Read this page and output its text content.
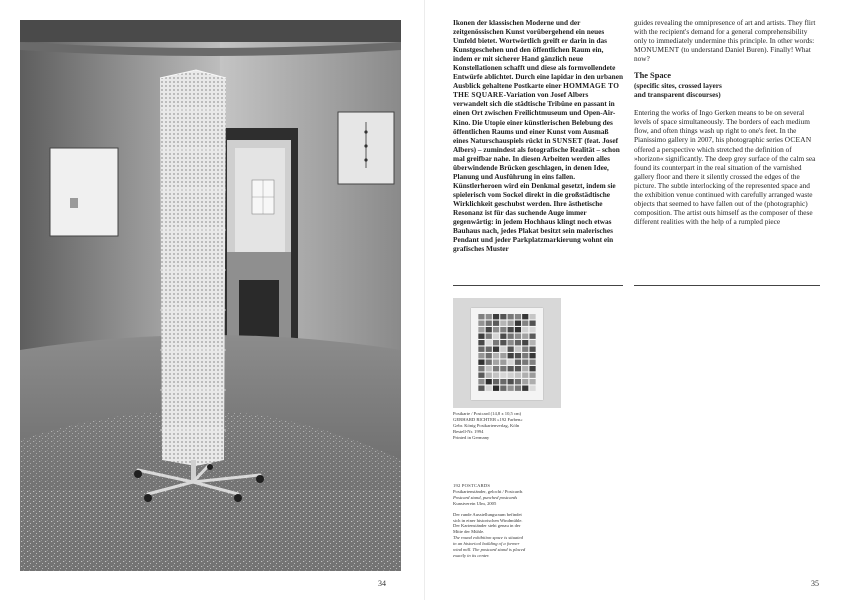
34

Ikonen der klassischen Moderne und der zeitgenössischen Kunst vorübergehend ein neues Umfeld bietet. Wortwörtlich greift er darin in das Kunstgeschehen und den öffentlichen Raum ein, indem er mit sicherer Hand gänzlich neue Konstellationen schafft und diese als formvollendete Entwürfe ablichtet. Durch eine lapidar in den urbanen Ausblick gehaltene Postkarte einer HOMMAGE TO THE SQUARE-Variation von Josef Albers verwandelt sich die städtische Tribüne en passant in einen Ort zwischen Freilichtmuseum und Open-Air-Kino. Die Utopie einer künstlerischen Belebung des öffentlichen Raums und einer Kunst vom Ausmaß eines Naturschauspiels rückt in SUNSET (feat. Josef Albers) – zumindest als fotografische Realität – schon mal greifbar nahe. In diesen Arbeiten werden alles überwindende Brücken geschlagen, in denen Idee, Planung und Ausführung in eins fallen. Künstlerheroen wird ein Denkmal gesetzt, indem sie spielerisch vom Sockel direkt in die großstädtische Wirklichkeit geschubst werden. Ihre ästhetische Resonanz ist für das suchende Auge immer gegenwärtig: in jedem Hochhaus klingt noch etwas Bauhaus nach, jedes Plakat besitzt sein malerisches Pendant und jeder Parkplatzmarkierung wohnt ein grafisches Muster

guides revealing the omnipresence of art and artists. They flirt with the recipient's demand for a general comprehensibility only to immediately undermine this principle. In other words: MONUMENT (to understand Daniel Buren). Finally! What now?

The Space

(specific sites, crossed layers
and transparent discourses)

Entering the works of Ingo Gerken means to be on several levels of space simultaneously. The borders of each medium flow, and often things wash up right to one's feet. In the Pianissimo gallery in 2007, his photographic series OCEAN offered a perspective which stretched the definition of »horizon« significantly. The deep grey surface of the calm sea found its counterpart in the real situation of the varnished gallery floor and there it silently crossed the edges of the picture. The subtle interlocking of the represented space and the exhibition venue continued with carefully arranged waste objects that seemed to have fallen out of the (photographic) composition. The artist outs himself as the composer of these different realities with the help of a rumpled piece

Postkarte / Postcard (14,8 x 10,5 cm)

GERHARD RICHTER »192 Farben«

Gebr. König Postkartenverlag, Köln

Bestell-Nr. 1994

Printed in Germany

192 POSTCARDS

Postkartenständer, gelocht / Postcards

Postcard stand, punched postcards

Kunstverein Ulm, 2005

Der runde Ausstellungsraum befindet

sich in einer historischen Windmühle.

Der Kartenständer steht genau in der

Mitte der Mühle.

The round exhibition space is situated

in an historical building of a former

wind mill. The postcard stand is placed

exactly in its center.

35
